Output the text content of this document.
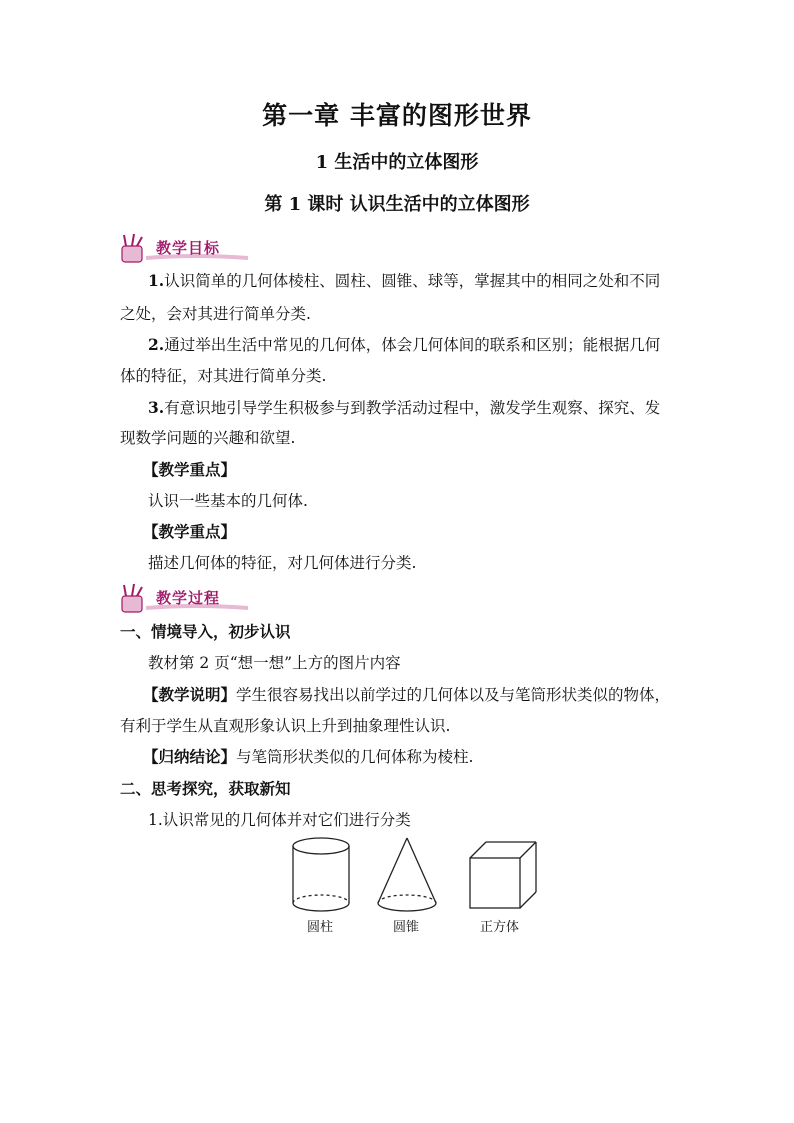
第一章 丰富的图形世界
1 生活中的立体图形
第 1 课时 认识生活中的立体图形
教学目标
1.认识简单的几何体棱柱、圆柱、圆锥、球等，掌握其中的相同之处和不同
之处，会对其进行简单分类.
2.通过举出生活中常见的几何体，体会几何体间的联系和区别；能根据几何
体的特征，对其进行简单分类.
3.有意识地引导学生积极参与到教学活动过程中，激发学生观察、探究、发
现数学问题的兴趣和欲望.
【教学重点】
认识一些基本的几何体.
【教学重点】
描述几何体的特征，对几何体进行分类.
教学过程
一、情境导入，初步认识
教材第 2 页“想一想”上方的图片内容
【教学说明】学生很容易找出以前学过的几何体以及与笔筒形状类似的物体，
有利于学生从直观形象认识上升到抽象理性认识.
【归纳结论】与笔筒形状类似的几何体称为棱柱.
二、思考探究，获取新知
1.认识常见的几何体并对它们进行分类
圆柱	圆锥	正方体
